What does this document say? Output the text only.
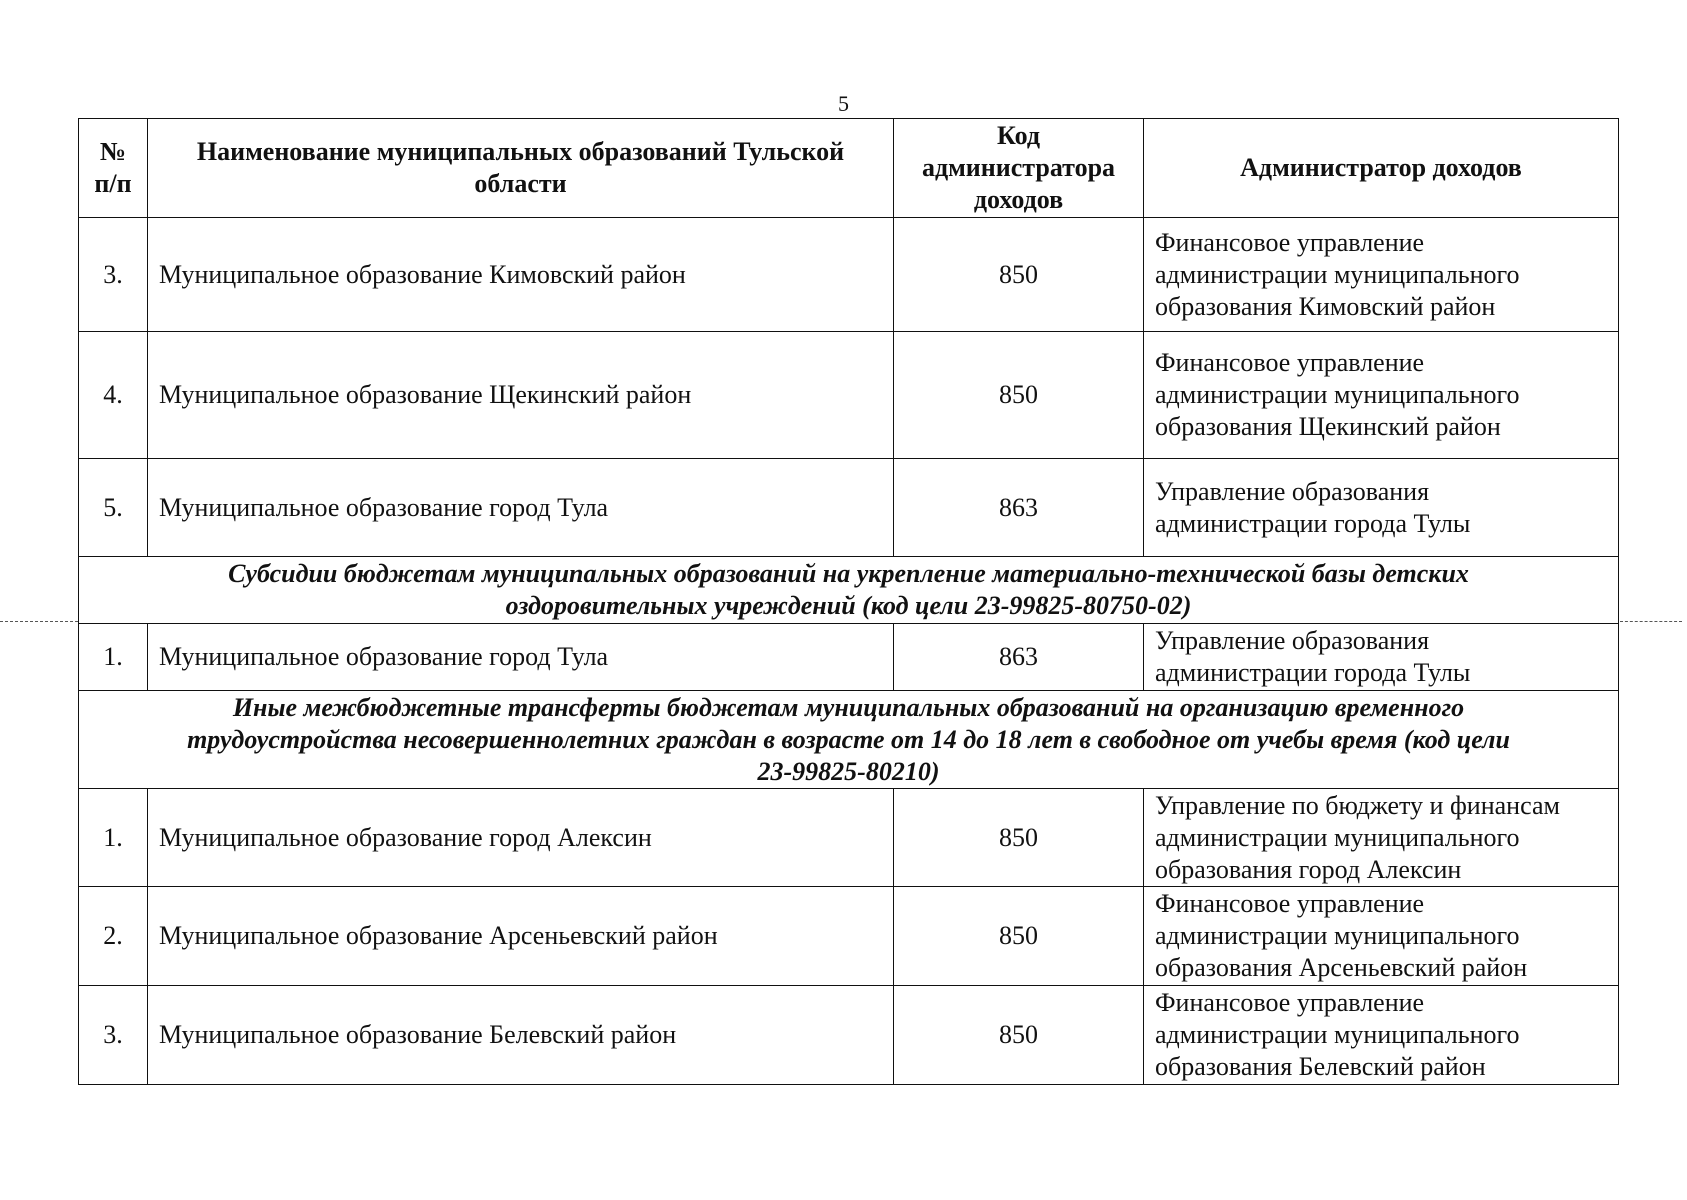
5
№ п/п	Наименование муниципальных образований Тульской области	Код администратора доходов	Администратор доходов
3.	Муниципальное образование Кимовский район	850	Финансовое управление администрации муниципального образования Кимовский район

4.	Муниципальное образование Щекинский район	850	Финансовое управление администрации муниципального образования Щекинский район

5.	Муниципальное образование город Тула	863	Управление образования администрации города Тулы

Субсидии бюджетам муниципальных образований на укрепление материально-технической базы детских оздоровительных учреждений (код цели 23-99825-80750-02)			

1.	Муниципальное образование город Тула	863	Управление образования администрации города Тулы

Иные межбюджетные трансферты бюджетам муниципальных образований на организацию временного трудоустройства несовершеннолетних граждан в возрасте от 14 до 18 лет в свободное от учебы время (код цели 23-99825-80210)			

1.	Муниципальное образование город Алексин	850	Управление по бюджету и финансам администрации муниципального образования город Алексин

2.	Муниципальное образование Арсеньевский район	850	Финансовое управление администрации муниципального образования Арсеньевский район

3.	Муниципальное образование Белевский район	850	Финансовое управление администрации муниципального образования Белевский район
